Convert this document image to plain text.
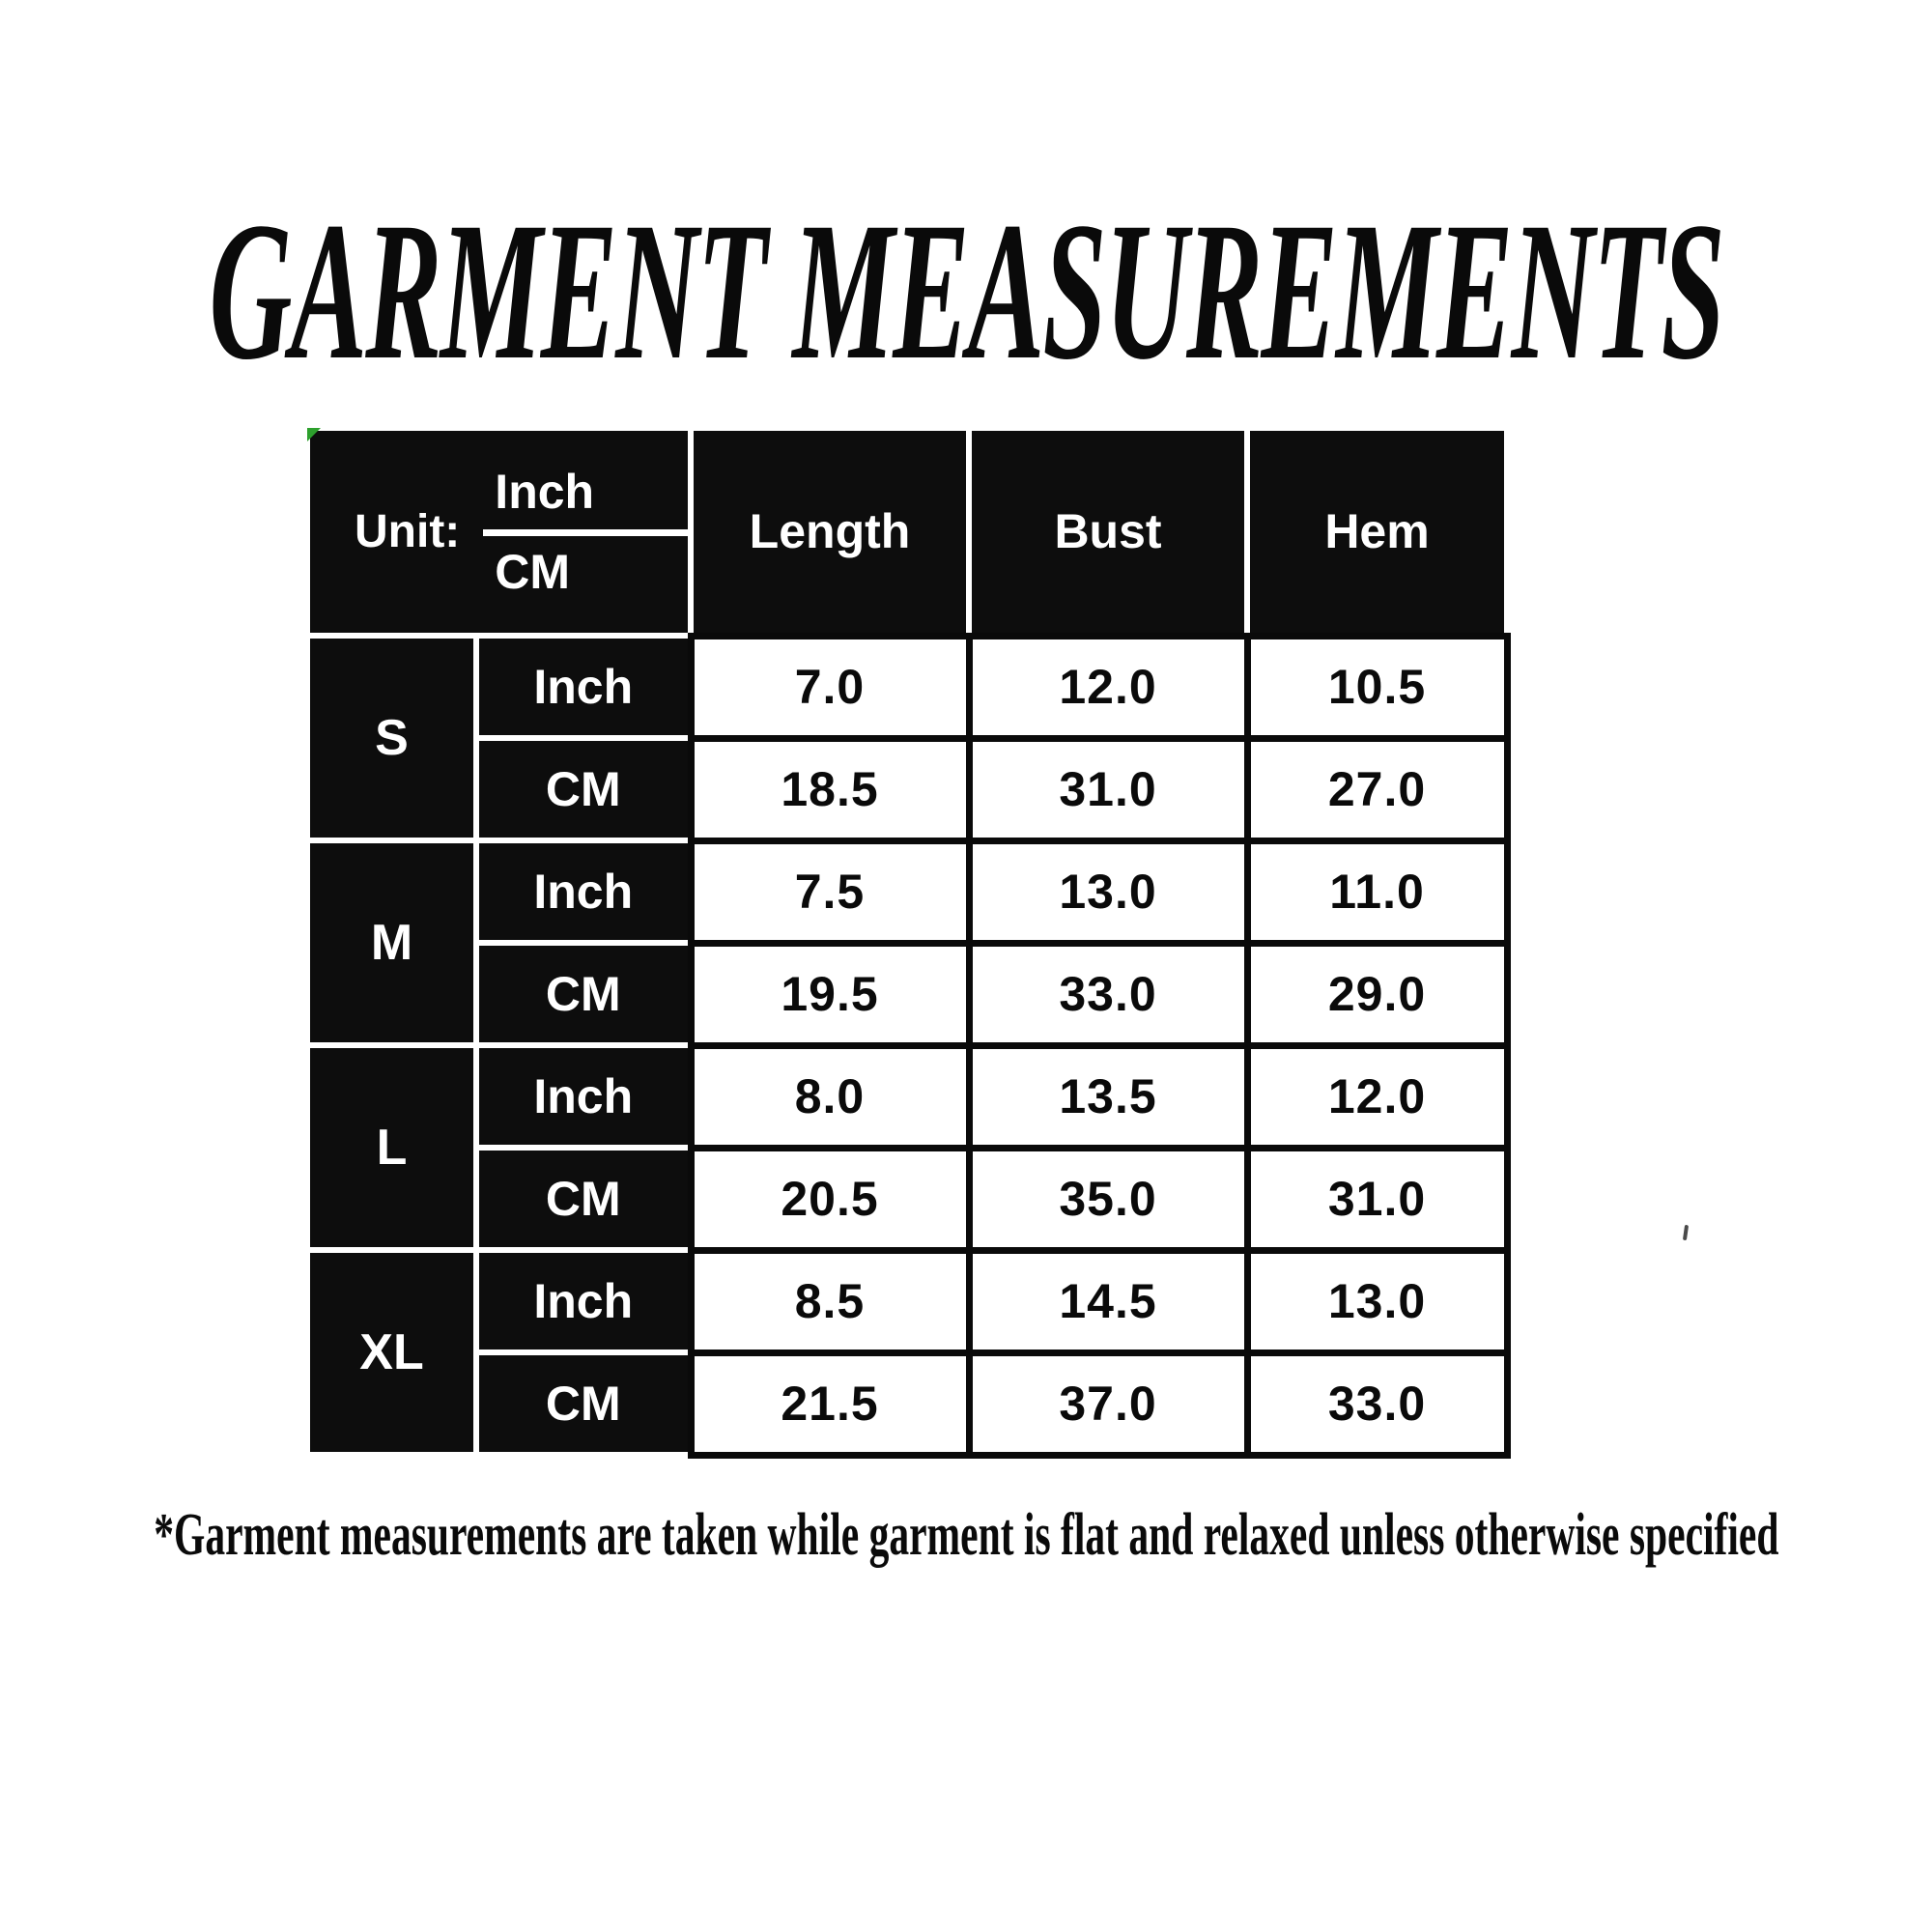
GARMENT MEASUREMENTS
Unit: $\frac{\text{Inch}}{CM}$		Length	Bust	Hem
S	Inch	7.0	12.0	10.5
	CM	18.5	31.0	27.0
M	Inch	7.5	13.0	11.0
	CM	19.5	33.0	29.0
L	Inch	8.0	13.5	12.0
	CM	20.5	35.0	31.0
XL	Inch	8.5	14.5	13.0
	CM	21.5	37.0	33.0

*Garment measurements are taken while garment is flat and relaxed unless otherwise specified
